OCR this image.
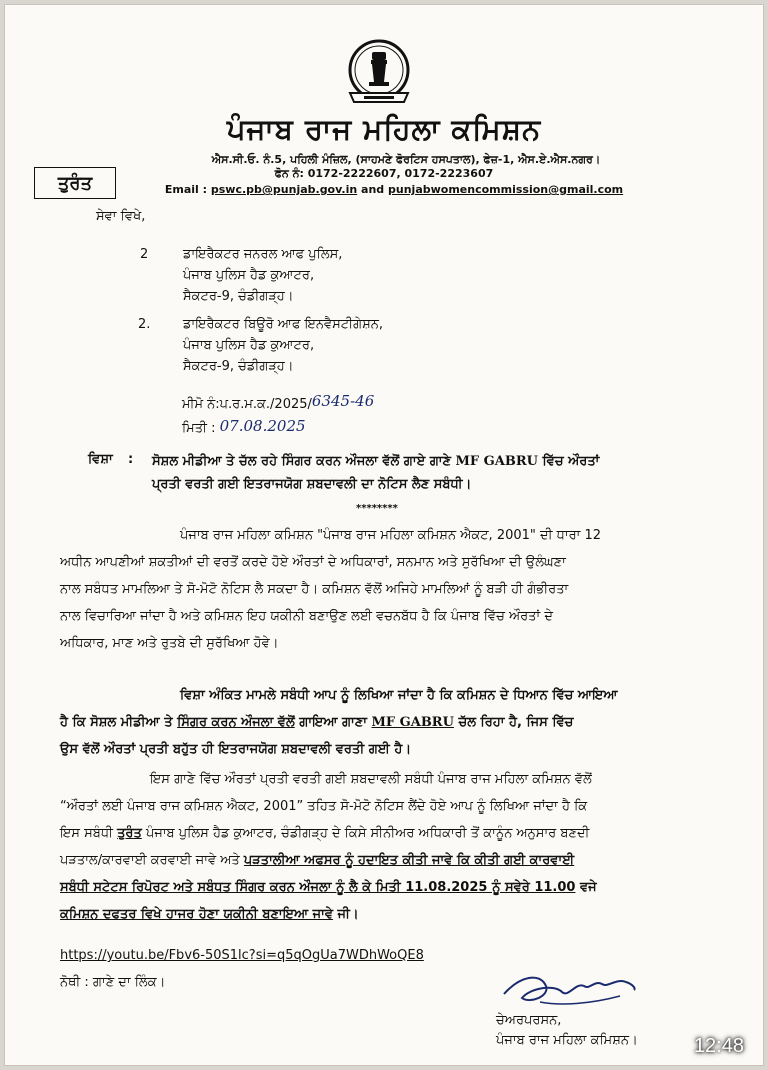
ਪੰਜਾਬ ਰਾਜ ਮਹਿਲਾ ਕਮਿਸ਼ਨ
ਐਸ.ਸੀ.ਓ. ਨੰ.5, ਪਹਿਲੀ ਮੰਜ਼ਿਲ, (ਸਾਹਮਣੇ ਫੋਰਟਿਸ ਹਸਪਤਾਲ), ਫੇਜ਼-1, ਐਸ.ਏ.ਐਸ.ਨਗਰ।
ਫੋਨ ਨੰ: 0172-2222607, 0172-2223607
Email : pswc.pb@punjab.gov.in and punjabwomencommission@gmail.com
ਤੁਰੰਤ
ਸੇਵਾ ਵਿਖੇ,
2	ਡਾਇਰੈਕਟਰ ਜਨਰਲ ਆਫ ਪੁਲਿਸ,
ਪੰਜਾਬ ਪੁਲਿਸ ਹੈਡ ਕੁਆਟਰ,
ਸੈਕਟਰ-9, ਚੰਡੀਗੜ੍ਹ।
2.	ਡਾਇਰੈਕਟਰ ਬਿਊਰੋ ਆਫ ਇਨਵੈਸਟੀਗੇਸ਼ਨ,
ਪੰਜਾਬ ਪੁਲਿਸ ਹੈਡ ਕੁਆਟਰ,
ਸੈਕਟਰ-9, ਚੰਡੀਗੜ੍ਹ।
ਮੀਮੋ ਨੰ:ਪ.ਰ.ਮ.ਕ./2025/6345-46
ਮਿਤੀ : 07.08.2025
ਵਿਸ਼ਾ : ਸੋਸ਼ਲ ਮੀਡੀਆ ਤੇ ਚੱਲ ਰਹੇ ਸਿੰਗਰ ਕਰਨ ਔਜਲਾ ਵੱਲੋਂ ਗਾਏ ਗਾਣੇ MF GABRU ਵਿੱਚ ਔਰਤਾਂ
ਪ੍ਰਤੀ ਵਰਤੀ ਗਈ ਇਤਰਾਜਯੋਗ ਸ਼ਬਦਾਵਲੀ ਦਾ ਨੋਟਿਸ ਲੈਣ ਸਬੰਧੀ।
********
ਪੰਜਾਬ ਰਾਜ ਮਹਿਲਾ ਕਮਿਸ਼ਨ "ਪੰਜਾਬ ਰਾਜ ਮਹਿਲਾ ਕਮਿਸ਼ਨ ਐਕਟ, 2001" ਦੀ ਧਾਰਾ 12
ਅਧੀਨ ਆਪਣੀਆਂ ਸ਼ਕਤੀਆਂ ਦੀ ਵਰਤੋਂ ਕਰਦੇ ਹੋਏ ਔਰਤਾਂ ਦੇ ਅਧਿਕਾਰਾਂ, ਸਨਮਾਨ ਅਤੇ ਸੁਰੱਖਿਆ ਦੀ ਉਲੰਘਣਾ
ਨਾਲ ਸਬੰਧਤ ਮਾਮਲਿਆ ਤੇ ਸੋ-ਮੋਟੋ ਨੋਟਿਸ ਲੈ ਸਕਦਾ ਹੈ। ਕਮਿਸ਼ਨ ਵੱਲੋਂ ਅਜਿਹੇ ਮਾਮਲਿਆਂ ਨੂੰ ਬੜੀ ਹੀ ਗੰਭੀਰਤਾ
ਨਾਲ ਵਿਚਾਰਿਆ ਜਾਂਦਾ ਹੈ ਅਤੇ ਕਮਿਸ਼ਨ ਇਹ ਯਕੀਨੀ ਬਣਾਉਣ ਲਈ ਵਚਨਬੱਧ ਹੈ ਕਿ ਪੰਜਾਬ ਵਿੱਚ ਔਰਤਾਂ ਦੇ
ਅਧਿਕਾਰ, ਮਾਣ ਅਤੇ ਰੁਤਬੇ ਦੀ ਸੁਰੱਖਿਆ ਹੋਵੇ।
ਵਿਸ਼ਾ ਅੰਕਿਤ ਮਾਮਲੇ ਸਬੰਧੀ ਆਪ ਨੂੰ ਲਿਖਿਆ ਜਾਂਦਾ ਹੈ ਕਿ ਕਮਿਸ਼ਨ ਦੇ ਧਿਆਨ ਵਿੱਚ ਆਇਆ
ਹੈ ਕਿ ਸੋਸ਼ਲ ਮੀਡੀਆ ਤੇ ਸਿੰਗਰ ਕਰਨ ਔਜਲਾ ਵੱਲੋਂ ਗਾਇਆ ਗਾਣਾ MF GABRU ਚੱਲ ਰਿਹਾ ਹੈ, ਜਿਸ ਵਿੱਚ
ਉਸ ਵੱਲੋਂ ਔਰਤਾਂ ਪ੍ਰਤੀ ਬਹੁੱਤ ਹੀ ਇਤਰਾਜਯੋਗ ਸ਼ਬਦਾਵਲੀ ਵਰਤੀ ਗਈ ਹੈ।
ਇਸ ਗਾਣੇ ਵਿੱਚ ਔਰਤਾਂ ਪ੍ਰਤੀ ਵਰਤੀ ਗਈ ਸ਼ਬਦਾਵਲੀ ਸਬੰਧੀ ਪੰਜਾਬ ਰਾਜ ਮਹਿਲਾ ਕਮਿਸ਼ਨ ਵੱਲੋਂ
“ਔਰਤਾਂ ਲਈ ਪੰਜਾਬ ਰਾਜ ਕਮਿਸ਼ਨ ਐਕਟ, 2001” ਤਹਿਤ ਸੋ-ਮੋਟੋ ਨੋਟਿਸ ਲੈਂਦੇ ਹੋਏ ਆਪ ਨੂੰ ਲਿਖਿਆ ਜਾਂਦਾ ਹੈ ਕਿ
ਇਸ ਸਬੰਧੀ ਤੁਰੰਤ ਪੰਜਾਬ ਪੁਲਿਸ ਹੈਡ ਕੁਆਟਰ, ਚੰਡੀਗੜ੍ਹ ਦੇ ਕਿਸੇ ਸੀਨੀਅਰ ਅਧਿਕਾਰੀ ਤੋਂ ਕਾਨੂੰਨ ਅਨੁਸਾਰ ਬਣਦੀ
ਪੜਤਾਲ/ਕਾਰਵਾਈ ਕਰਵਾਈ ਜਾਵੇ ਅਤੇ ਪੜਤਾਲੀਆ ਅਫਸਰ ਨੂੰ ਹਦਾਇਤ ਕੀਤੀ ਜਾਵੇ ਕਿ ਕੀਤੀ ਗਈ ਕਾਰਵਾਈ
ਸਬੰਧੀ ਸਟੇਟਸ ਰਿਪੋਰਟ ਅਤੇ ਸਬੰਧਤ ਸਿੰਗਰ ਕਰਨ ਔਜਲਾ ਨੂੰ ਲੈ ਕੇ ਮਿਤੀ 11.08.2025 ਨੂੰ ਸਵੇਰੇ 11.00 ਵਜੇ
ਕਮਿਸ਼ਨ ਦਫਤਰ ਵਿਖੇ ਹਾਜਰ ਹੋਣਾ ਯਕੀਨੀ ਬਣਾਇਆ ਜਾਵੇ ਜੀ।
https://youtu.be/Fbv6-50S1lc?si=q5qOgUa7WDhWoQE8
ਨੋਥੀ : ਗਾਣੇ ਦਾ ਲਿੰਕ।
ਚੇਅਰਪਰਸਨ,
ਪੰਜਾਬ ਰਾਜ ਮਹਿਲਾ ਕਮਿਸ਼ਨ।	12:48
